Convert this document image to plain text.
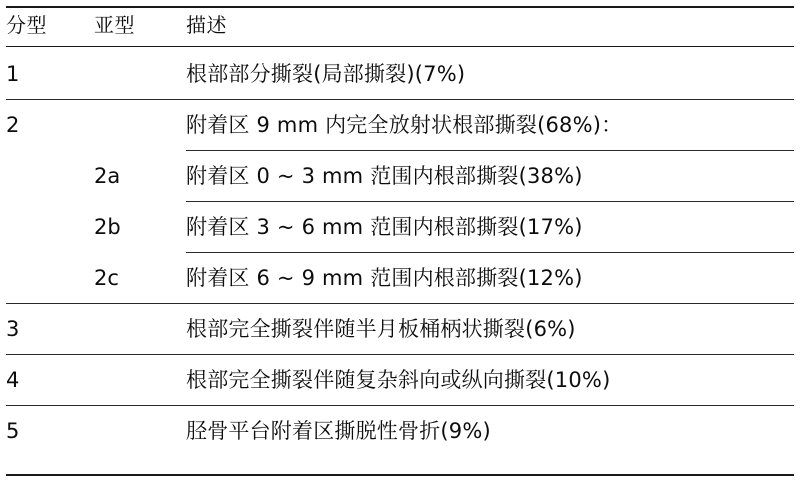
分型	亚型	描述
1		根部部分撕裂(局部撕裂)(7%)
2		附着区 9 mm 内完全放射状根部撕裂(68%)：
	2a	附着区 0 ~ 3 mm 范围内根部撕裂(38%)
	2b	附着区 3 ~ 6 mm 范围内根部撕裂(17%)
	2c	附着区 6 ~ 9 mm 范围内根部撕裂(12%)
3		根部完全撕裂伴随半月板桶柄状撕裂(6%)
4		根部完全撕裂伴随复杂斜向或纵向撕裂(10%)
5		胫骨平台附着区撕脱性骨折(9%)
